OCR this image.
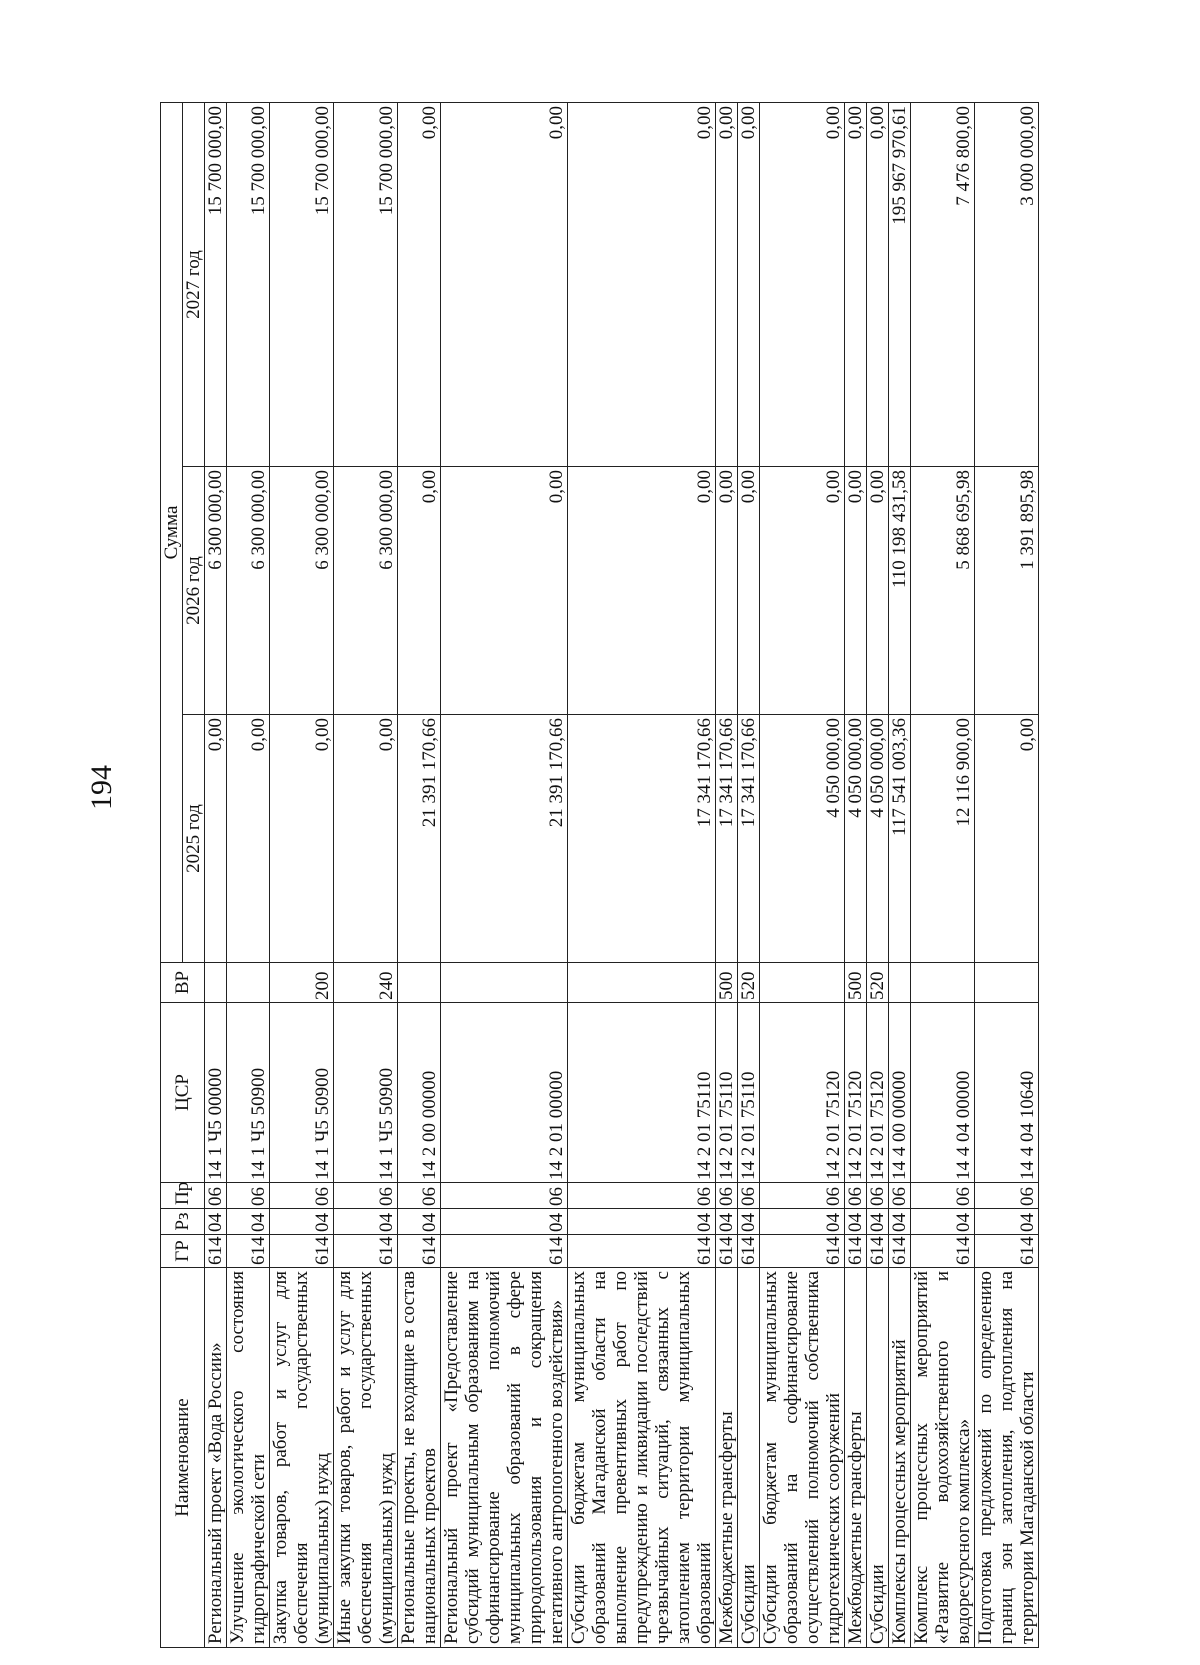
194
Наименование	ГР	Рз	Пр	ЦСР	ВР	Сумма		
						2025 год	2026 год	2027 год
Региональный проект «Вода России»	614	04	06	14 1 Ч5 00000		0,00	6 300 000,00	15 700 000,00
Улучшение экологического состояния гидрографической сети	614	04	06	14 1 Ч5 50900		0,00	6 300 000,00	15 700 000,00
Закупка товаров, работ и услуг для обеспечения государственных (муниципальных) нужд	614	04	06	14 1 Ч5 50900	200	0,00	6 300 000,00	15 700 000,00
Иные закупки товаров, работ и услуг для обеспечения государственных (муниципальных) нужд	614	04	06	14 1 Ч5 50900	240	0,00	6 300 000,00	15 700 000,00
Региональные проекты, не входящие в состав национальных проектов	614	04	06	14 2 00 00000		21 391 170,66	0,00	0,00
Региональный проект «Предоставление субсидий муниципальным образованиям на софинансирование полномочий муниципальных образований в сфере природопользования и сокращения негативного антропогенного воздействия»	614	04	06	14 2 01 00000		21 391 170,66	0,00	0,00
Субсидии бюджетам муниципальных образований Магаданской области на выполнение превентивных работ по предупреждению и ликвидации последствий чрезвычайных ситуаций, связанных с затоплением территории муниципальных образований	614	04	06	14 2 01 75110		17 341 170,66	0,00	0,00
Межбюджетные трансферты	614	04	06	14 2 01 75110	500	17 341 170,66	0,00	0,00
Субсидии	614	04	06	14 2 01 75110	520	17 341 170,66	0,00	0,00
Субсидии бюджетам муниципальных образований на софинансирование осуществлений полномочий собственника гидротехнических сооружений	614	04	06	14 2 01 75120		4 050 000,00	0,00	0,00
Межбюджетные трансферты	614	04	06	14 2 01 75120	500	4 050 000,00	0,00	0,00
Субсидии	614	04	06	14 2 01 75120	520	4 050 000,00	0,00	0,00
Комплексы процессных мероприятий	614	04	06	14 4 00 00000		117 541 003,36	110 198 431,58	195 967 970,61
Комплекс процессных мероприятий «Развитие водохозяйственного и водоресурсного комплекса»	614	04	06	14 4 04 00000		12 116 900,00	5 868 695,98	7 476 800,00
Подготовка предложений по определению границ зон затопления, подтопления на территории Магаданской области	614	04	06	14 4 04 10640		0,00	1 391 895,98	3 000 000,00
